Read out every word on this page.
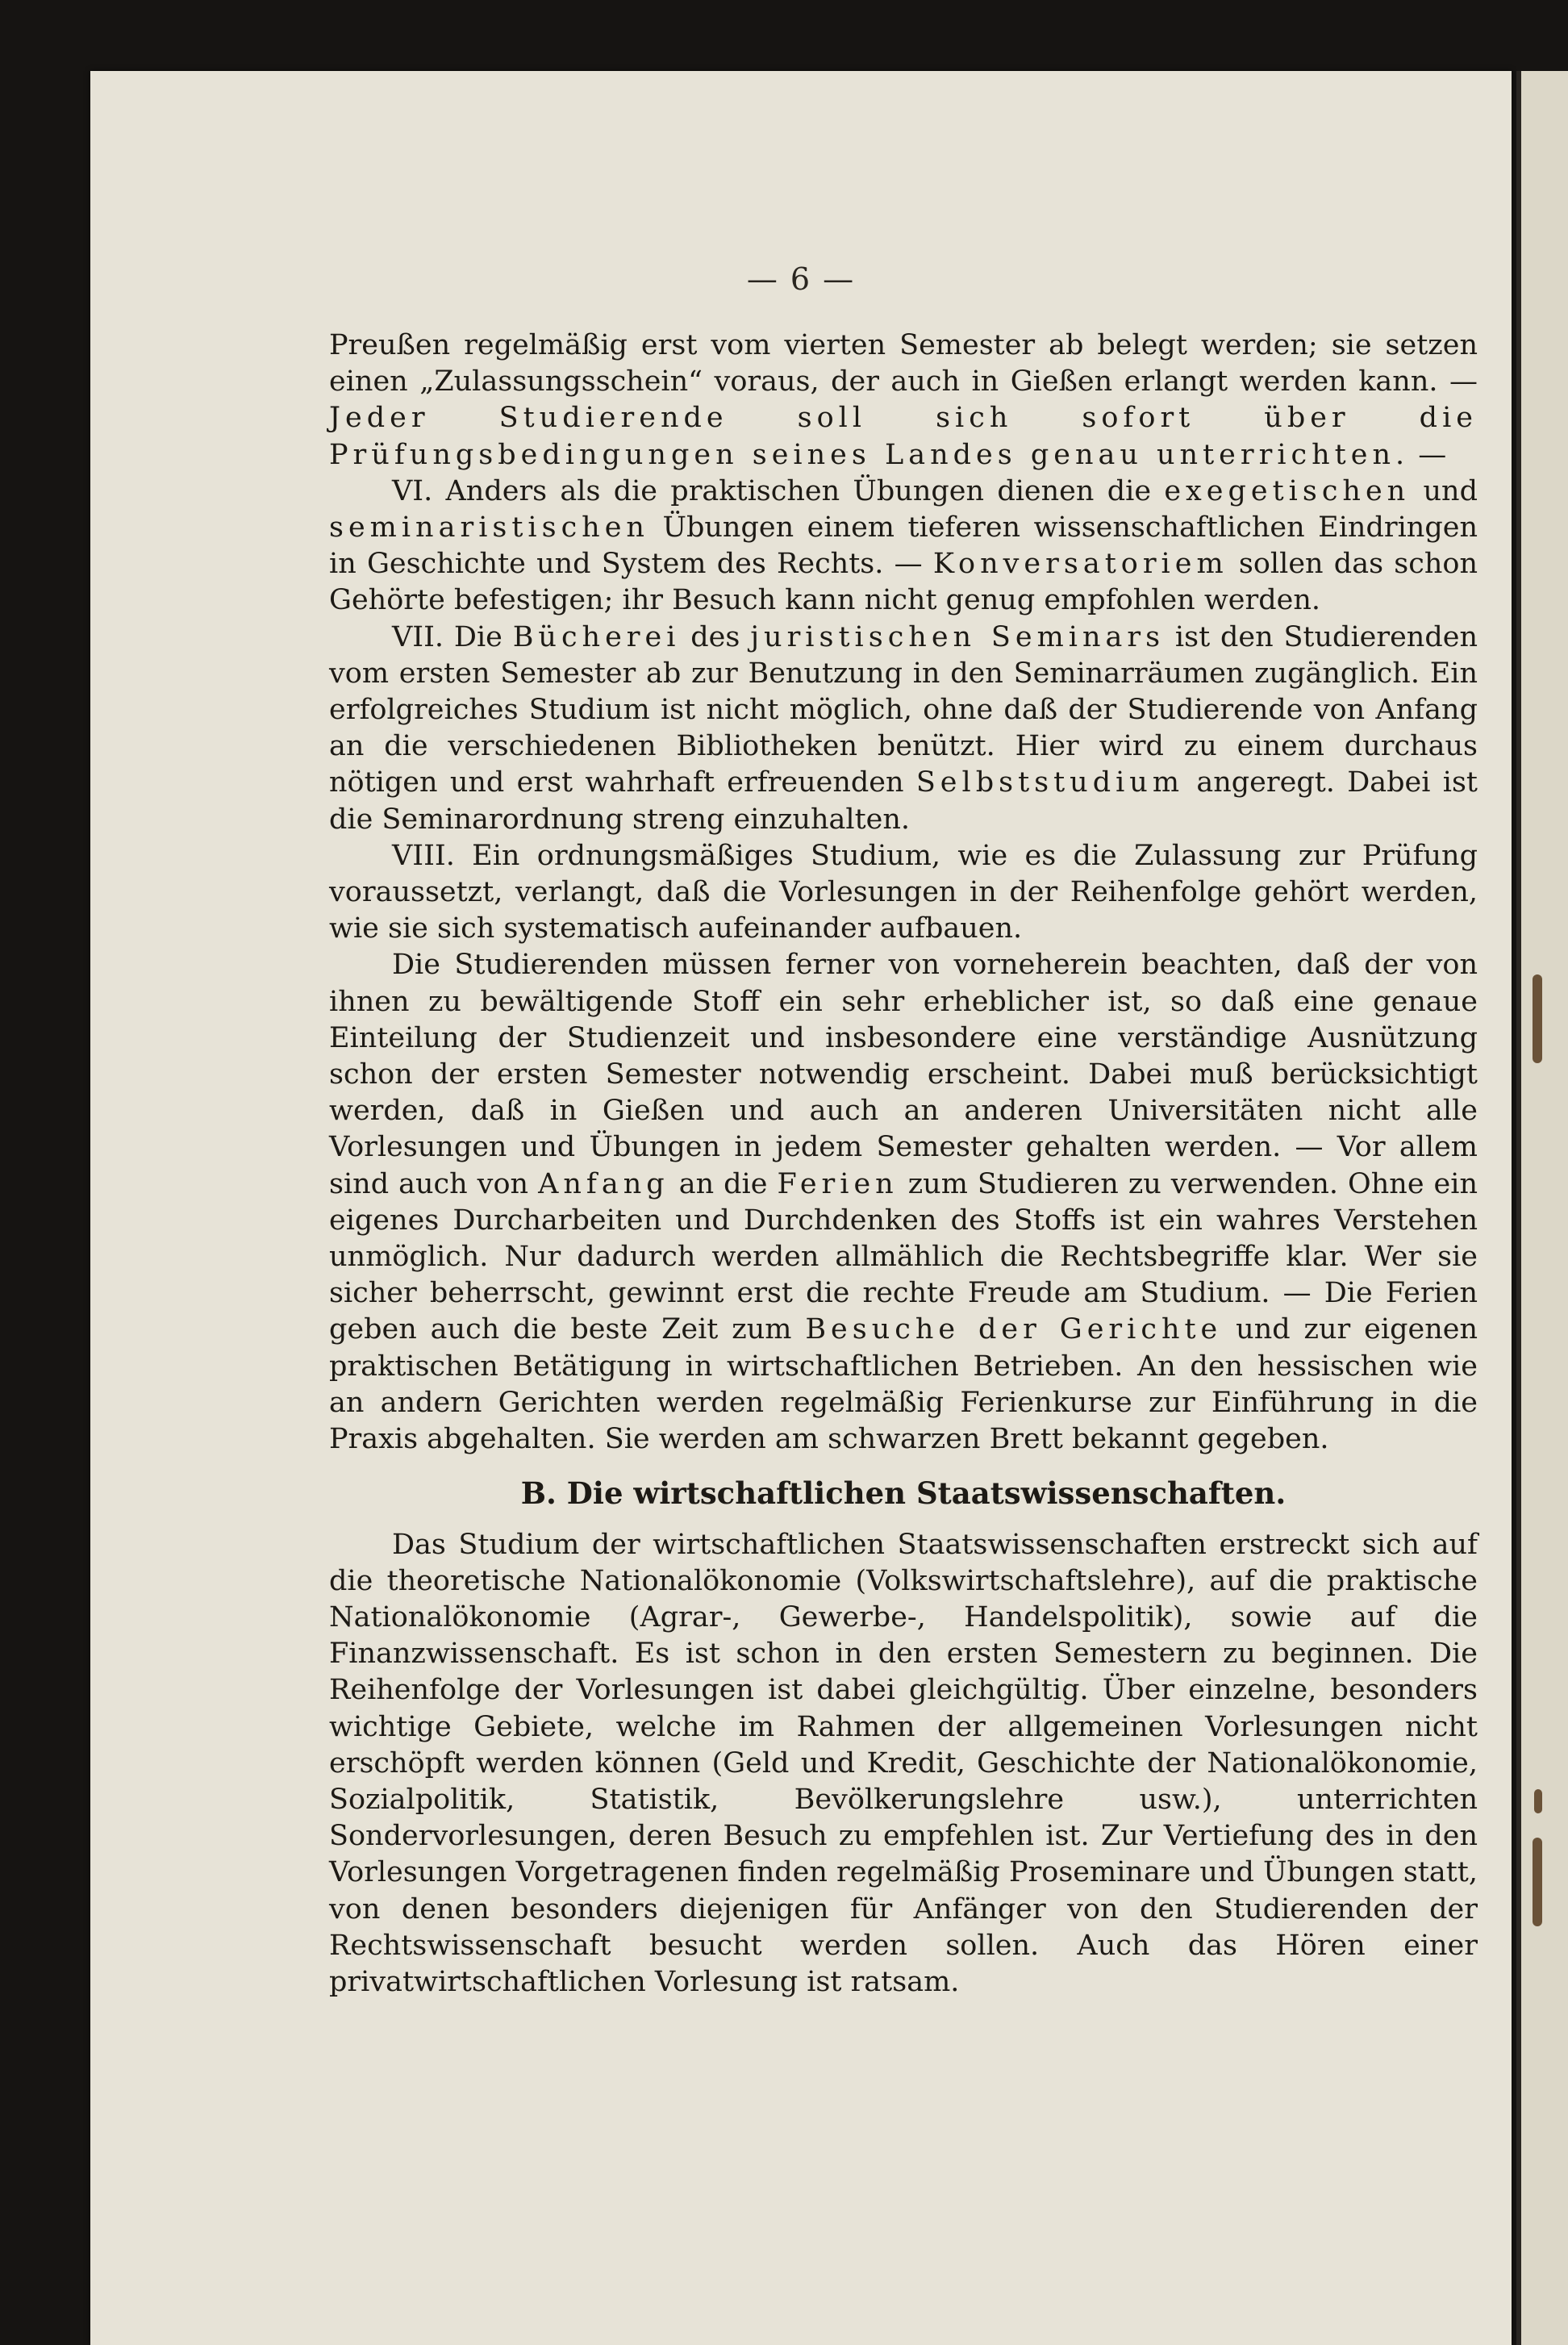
— 6 —

Preußen regelmäßig erst vom vierten Semester ab belegt werden; sie setzen einen „Zulassungsschein“ voraus, der auch in Gießen erlangt werden kann. — Jeder Studierende soll sich sofort über die Prüfungsbedingungen seines Landes genau unterrichten. —

VI. Anders als die praktischen Übungen dienen die exegetischen und seminaristischen Übungen einem tieferen wissenschaftlichen Eindringen in Geschichte und System des Rechts. — Konversatoriem sollen das schon Gehörte befestigen; ihr Besuch kann nicht genug empfohlen werden.

VII. Die Bücherei des juristischen Seminars ist den Studierenden vom ersten Semester ab zur Benutzung in den Seminarräumen zugänglich. Ein erfolgreiches Studium ist nicht möglich, ohne daß der Studierende von Anfang an die verschiedenen Bibliotheken benützt. Hier wird zu einem durchaus nötigen und erst wahrhaft erfreuenden Selbststudium angeregt. Dabei ist die Seminarordnung streng einzuhalten.

VIII. Ein ordnungsmäßiges Studium, wie es die Zulassung zur Prüfung voraussetzt, verlangt, daß die Vorlesungen in der Reihenfolge gehört werden, wie sie sich systematisch aufeinander aufbauen.

Die Studierenden müssen ferner von vorneherein beachten, daß der von ihnen zu bewältigende Stoff ein sehr erheblicher ist, so daß eine genaue Einteilung der Studienzeit und insbesondere eine verständige Ausnützung schon der ersten Semester notwendig erscheint. Dabei muß berücksichtigt werden, daß in Gießen und auch an anderen Universitäten nicht alle Vorlesungen und Übungen in jedem Semester gehalten werden. — Vor allem sind auch von Anfang an die Ferien zum Studieren zu verwenden. Ohne ein eigenes Durcharbeiten und Durchdenken des Stoffs ist ein wahres Verstehen unmöglich. Nur dadurch werden allmählich die Rechtsbegriffe klar. Wer sie sicher beherrscht, gewinnt erst die rechte Freude am Studium. — Die Ferien geben auch die beste Zeit zum Besuche der Gerichte und zur eigenen praktischen Betätigung in wirtschaftlichen Betrieben. An den hessischen wie an andern Gerichten werden regelmäßig Ferienkurse zur Einführung in die Praxis abgehalten. Sie werden am schwarzen Brett bekannt gegeben.

B. Die wirtschaftlichen Staatswissenschaften.

Das Studium der wirtschaftlichen Staatswissenschaften erstreckt sich auf die theoretische Nationalökonomie (Volkswirtschaftslehre), auf die praktische Nationalökonomie (Agrar-, Gewerbe-, Handelspolitik), sowie auf die Finanzwissenschaft. Es ist schon in den ersten Semestern zu beginnen. Die Reihenfolge der Vorlesungen ist dabei gleichgültig. Über einzelne, besonders wichtige Gebiete, welche im Rahmen der allgemeinen Vorlesungen nicht erschöpft werden können (Geld und Kredit, Geschichte der Nationalökonomie, Sozialpolitik, Statistik, Bevölkerungslehre usw.), unterrichten Sondervorlesungen, deren Besuch zu empfehlen ist. Zur Vertiefung des in den Vorlesungen Vorgetragenen finden regelmäßig Proseminare und Übungen statt, von denen besonders diejenigen für Anfänger von den Studierenden der Rechtswissenschaft besucht werden sollen. Auch das Hören einer privatwirtschaftlichen Vorlesung ist ratsam.
